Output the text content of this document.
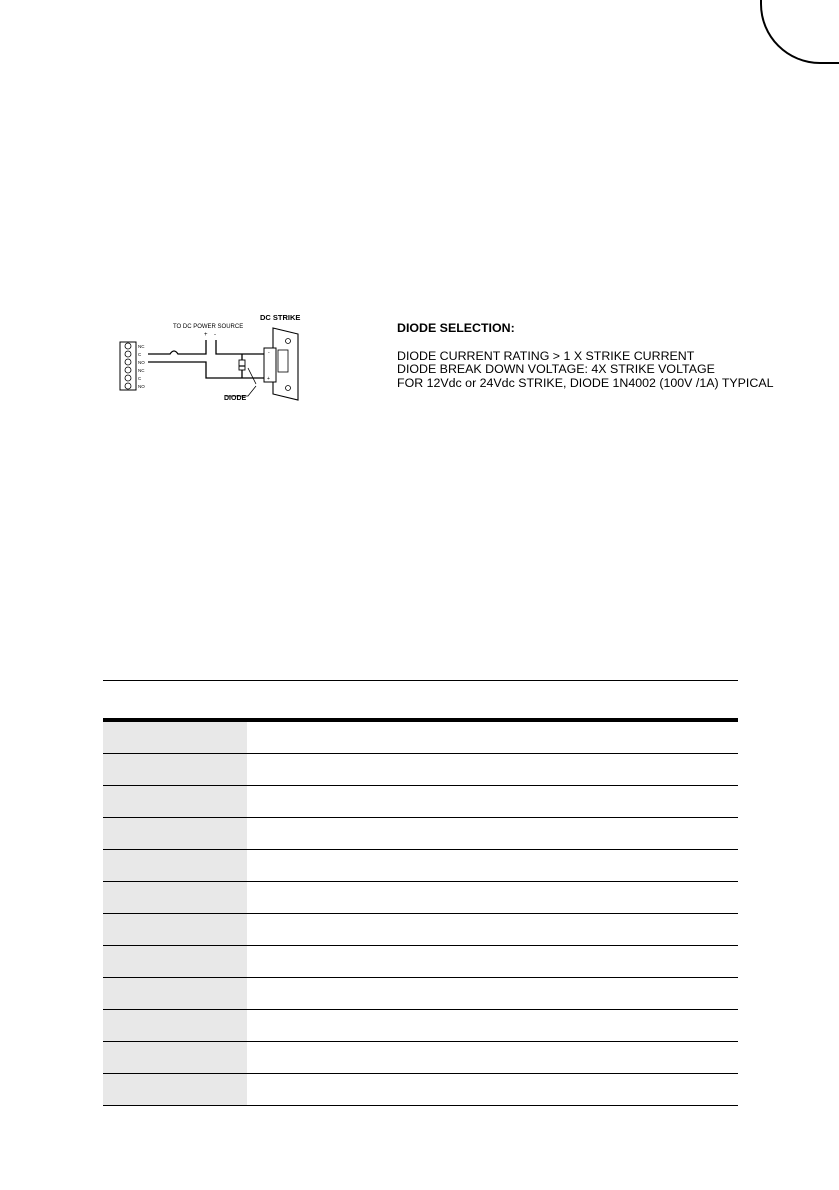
NC
C
NO
NC
C
NO
-
+
TO DC POWER SOURCE
+ -
DC STRIKE
DIODE
DIODE SELECTION:
DIODE CURRENT RATING > 1 X STRIKE CURRENT
DIODE BREAK DOWN VOLTAGE: 4X STRIKE VOLTAGE
FOR 12Vdc or 24Vdc STRIKE, DIODE 1N4002 (100V /1A) TYPICAL
